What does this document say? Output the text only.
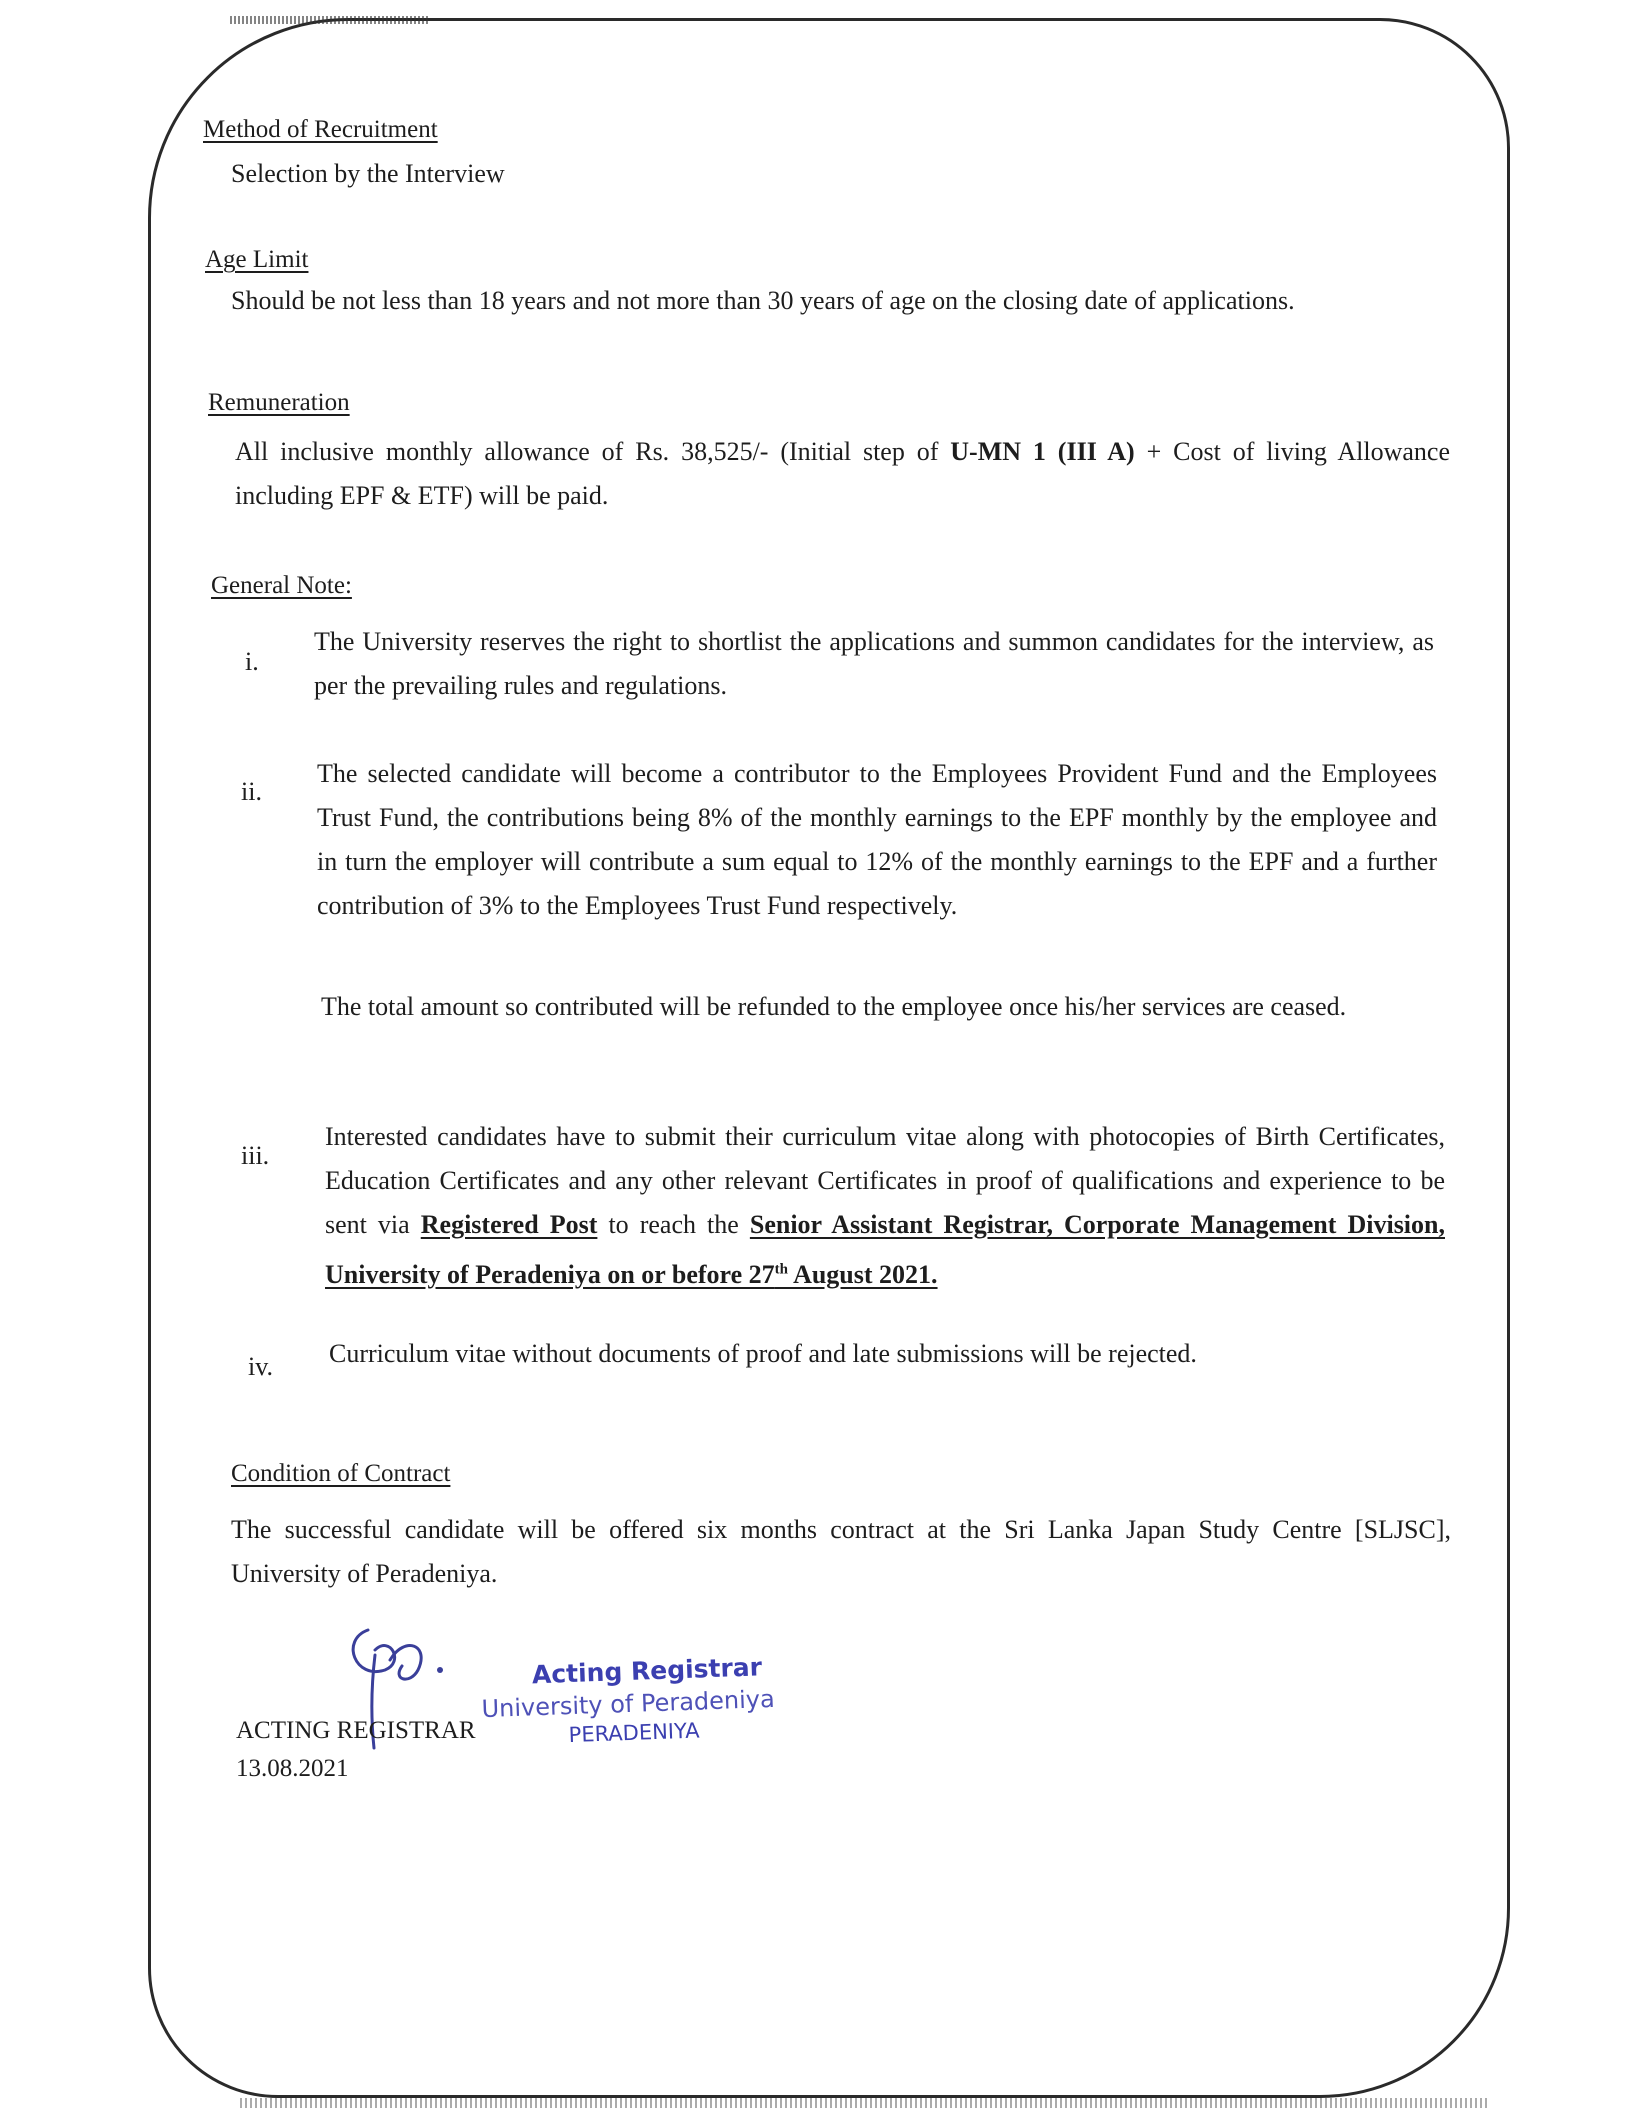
Method of Recruitment
Selection by the Interview
Age Limit
Should be not less than 18 years and not more than 30 years of age on the closing date of applications.
Remuneration
All inclusive monthly allowance of Rs. 38,525/- (Initial step of U-MN 1 (III A) + Cost of living Allowance including EPF & ETF) will be paid.
General Note:
i.
The University reserves the right to shortlist the applications and summon candidates for the interview, as per the prevailing rules and regulations.
ii.
The selected candidate will become a contributor to the Employees Provident Fund and the Employees Trust Fund, the contributions being 8% of the monthly earnings to the EPF monthly by the employee and in turn the employer will contribute a sum equal to 12% of the monthly earnings to the EPF and a further contribution of 3% to the Employees Trust Fund respectively.
The total amount so contributed will be refunded to the employee once his/her services are ceased.
iii.
Interested candidates have to submit their curriculum vitae along with photocopies of Birth Certificates, Education Certificates and any other relevant Certificates in proof of qualifications and experience to be sent via Registered Post to reach the Senior Assistant Registrar, Corporate Management Division, University of Peradeniya on or before 27th August 2021.
iv. Curriculum vitae without documents of proof and late submissions will be rejected.
Condition of Contract
The successful candidate will be offered six months contract at the Sri Lanka Japan Study Centre [SLJSC], University of Peradeniya.
Acting Registrar
University of Peradeniya
PERADENIYA
ACTING REGISTRAR
13.08.2021
